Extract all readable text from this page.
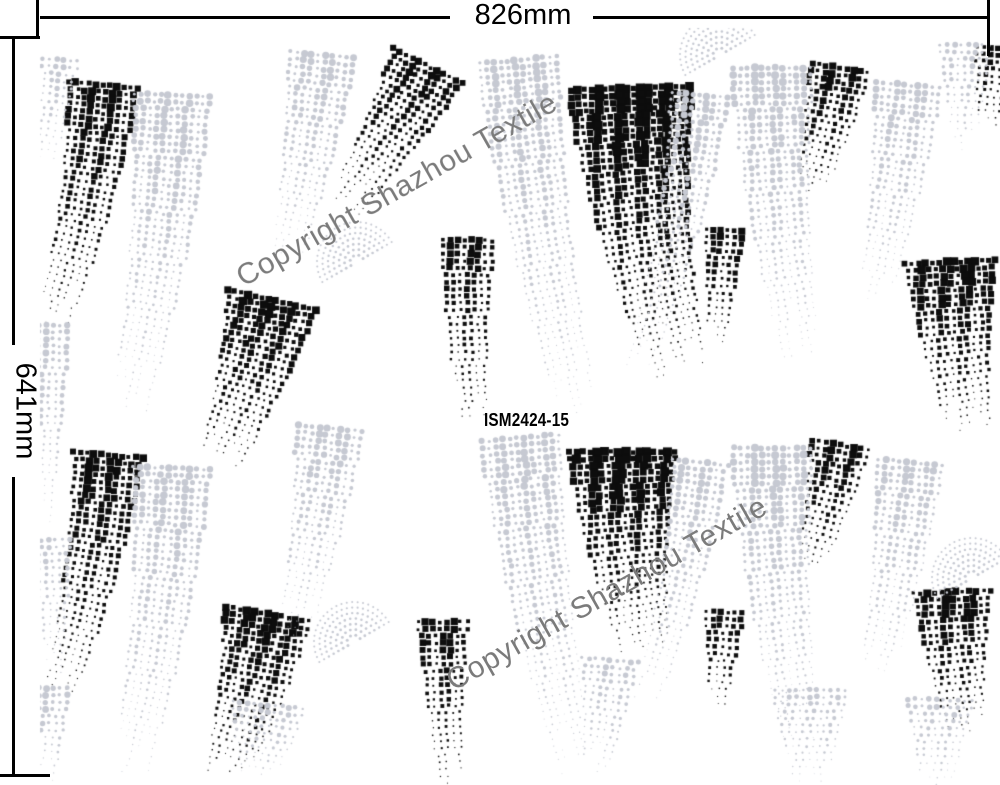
Copyright Shazhou Textile
Copyright Shazhou Textile
826mm
641mm	ISM2424-15
